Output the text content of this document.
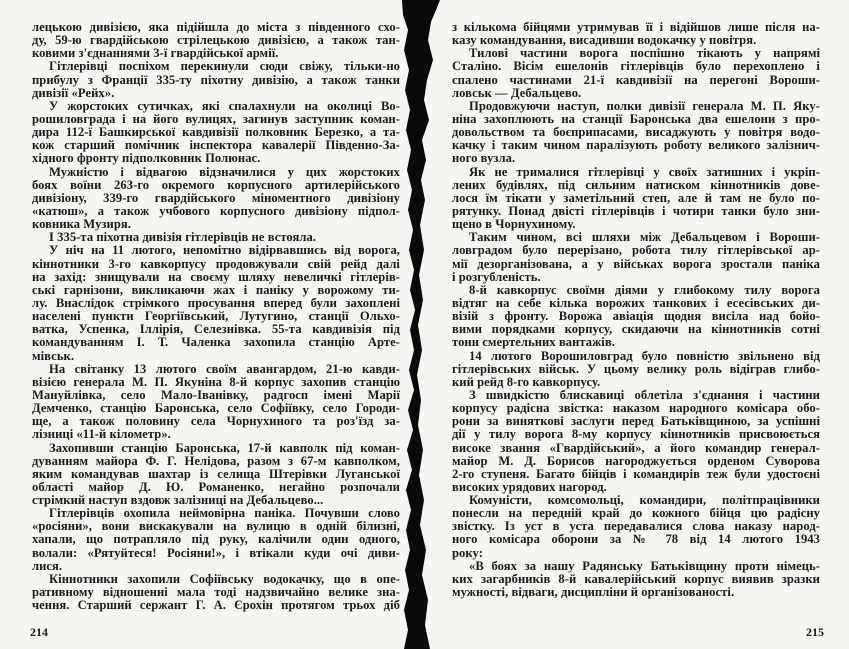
лецькою дивізією, яка підійшла до міста з південного схо-
ду, 59-ю гвардійською стрілецькою дивізією, а також тан-
ковими з'єднаннями 3-ї гвардійської армії.
Гітлерівці поспіхом перекинули сюди свіжу, тільки-но
прибулу з Франції 335-ту піхотну дивізію, а також танки
дивізії «Рейх».
У жорстоких сутичках, які спалахнули на околиці Во-
рошиловграда і на його вулицях, загинув заступник коман-
дира 112-ї Башкирської кавдивізії полковник Березко, а та-
кож старший помічник інспектора кавалерії Південно-За-
хідного фронту підполковник Полюнас.
Мужністю і відвагою відзначилися у цих жорстоких
боях воїни 263-го окремого корпусного артилерійського
дивізіону, 339-го гвардійського міноментного дивізіону
«катюш», а також учбового корпусного дивізіону підпол-
ковника Музиря.
І 335-та піхотна дивізія гітлерівців не встояла.
У ніч на 11 лютого, непомітно відірвавшись від ворога,
кіннотники 3-го кавкорпусу продовжували свій рейд далі
на захід: знищували на своєму шляху невеличкі гітлерів-
ські гарнізони, викликаючи жах і паніку у ворожому ти-
лу. Внаслідок стрімкого просування вперед були захоплені
населені пункти Георгіївський, Лутугино, станції Ольхо-
ватка, Успенка, Іллірія, Селезнівка. 55-та кавдивізія під
командуванням І. Т. Чаленка захопила станцію Арте-
мівськ.
На світанку 13 лютого своїм авангардом, 21-ю кавди-
візією генерала М. П. Якуніна 8-й корпус захопив станцію
Мануйлівка, село Мало-Іванівку, радгосп імені Марії
Демченко, станцію Баронська, село Софіївку, село Городи-
ще, а також половину села Чорнухиного та роз'їзд за-
лізниці «11-й кілометр».
Захопивши станцію Баронська, 17-й кавполк під коман-
дуванням майора Ф. Г. Нелідова, разом з 67-м кавполком,
яким командував шахтар із селища Штерівки Луганської
області майор Д. Ю. Романенко, негайно розпочали
стрімкий наступ вздовж залізниці на Дебальцево...
Гітлерівців охопила неймовірна паніка. Почувши слово
«росіяни», вони вискакували на вулицю в одній білизні,
хапали, що потрапляло під руку, калічили один одного,
волали: «Рятуйтеся! Росіяни!», і втікали куди очі диви-
лися.
Кіннотники захопили Софіївську водокачку, що в опе-
ративному відношенні мала тоді надзвичайно велике зна-
чення. Старший сержант Г. А. Єрохін протягом трьох діб
з кількома бійцями утримував її і відійшов лише після на-
казу командування, висадивши водокачку у повітря.
Тилові частини ворога поспішно тікають у напрямі
Сталіно. Вісім ешелонів гітлерівців було перехоплено і
спалено частинами 21-ї кавдивізії на перегоні Вороши-
ловськ — Дебальцево.
Продовжуючи наступ, полки дивізії генерала М. П. Яку-
ніна захоплюють на станції Баронська два ешелони з про-
довольством та боєприпасами, висаджують у повітря водо-
качку і таким чином паралізують роботу великого залізнич-
ного вузла.
Як не трималися гітлерівці у своїх затишних і укріп-
лених будівлях, під сильним натиском кіннотників дове-
лося їм тікати у заметільний степ, але й там не було по-
рятунку. Понад двісті гітлерівців і чотири танки було зни-
щено в Чорнухиному.
Таким чином, всі шляхи між Дебальцевом і Вороши-
ловградом було перерізано, робота тилу гітлерівської ар-
мії дезорганізована, а у військах ворога зростали паніка
і розгубленість.
8-й кавкорпус своїми діями у глибокому тилу ворога
відтяг на себе кілька ворожих танкових і есесівських ди-
візій з фронту. Ворожа авіація щодня висіла над бойо-
вими порядками корпусу, скидаючи на кіннотників сотні
тонн смертельних вантажів.
14 лютого Ворошиловград було повністю звільнено від
гітлерівських військ. У цьому велику роль відіграв глибо-
кий рейд 8-го кавкорпусу.
З швидкістю блискавиці облетіла з'єднання і частини
корпусу радісна звістка: наказом народного комісара обо-
рони за виняткові заслуги перед Батьківщиною, за успішні
дії у тилу ворога 8-му корпусу кіннотників присвоюється
високе звання «Гвардійський», а його командир генерал-
майор М. Д. Борисов нагороджується орденом Суворова
2-го ступеня. Багато бійців і командирів теж були удостоєні
високих урядових нагород.
Комуністи, комсомольці, командири, політпрацівники
понесли на передній край до кожного бійця цю радісну
звістку. Із уст в уста передавалися слова наказу народ-
ного комісара оборони за № 78 від 14 лютого 1943
року:
«В боях за нашу Радянську Батьківщину проти німець-
ких загарбників 8-й кавалерійський корпус виявив зразки
мужності, відваги, дисципліни й організованості.
214	215
